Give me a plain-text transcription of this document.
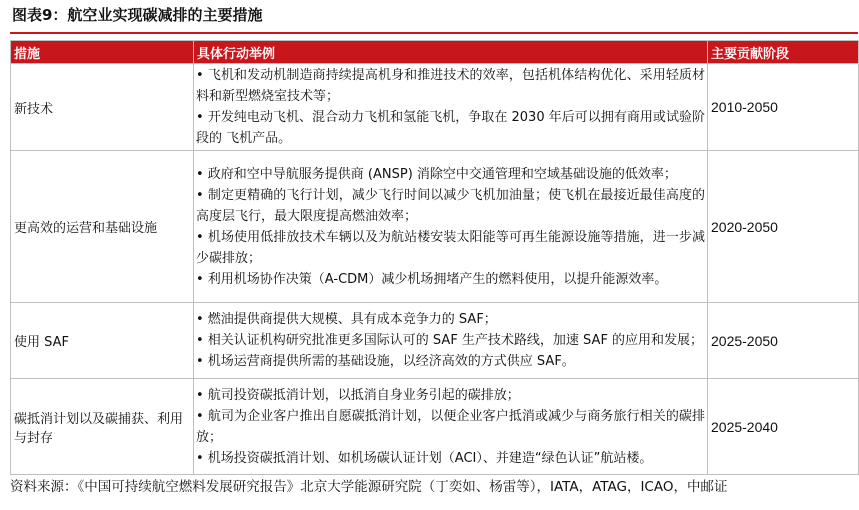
图表9：航空业实现碳减排的主要措施
措施	具体行动举例	主要贡献阶段
新技术	• 飞机和发动机制造商持续提高机身和推进技术的效率，包括机体结构优化、采用轻质材料和新型燃烧室技术等；
• 开发纯电动飞机、混合动力飞机和氢能飞机，争取在 2030 年后可以拥有商用或试验阶段的 飞机产品。	2010-2050
更高效的运营和基础设施	• 政府和空中导航服务提供商 (ANSP) 消除空中交通管理和空域基础设施的低效率；
• 制定更精确的飞行计划，减少飞行时间以减少飞机加油量；使飞机在最接近最佳高度的高度层飞行，最大限度提高燃油效率；
• 机场使用低排放技术车辆以及为航站楼安装太阳能等可再生能源设施等措施，进一步减少碳排放；
• 利用机场协作决策（A-CDM）减少机场拥堵产生的燃料使用，以提升能源效率。	2020-2050
使用 SAF	• 燃油提供商提供大规模、具有成本竞争力的 SAF；
• 相关认证机构研究批准更多国际认可的 SAF 生产技术路线，加速 SAF 的应用和发展；
• 机场运营商提供所需的基础设施，以经济高效的方式供应 SAF。	2025-2050
碳抵消计划以及碳捕获、利用与封存	• 航司投资碳抵消计划，以抵消自身业务引起的碳排放；
• 航司为企业客户推出自愿碳抵消计划，以便企业客户抵消或减少与商务旅行相关的碳排放；
• 机场投资碳抵消计划、如机场碳认证计划（ACI）、并建造“绿色认证”航站楼。	2025-2040
资料来源：《中国可持续航空燃料发展研究报告》北京大学能源研究院（丁奕如、杨雷等），IATA，ATAG，ICAO，中邮证
